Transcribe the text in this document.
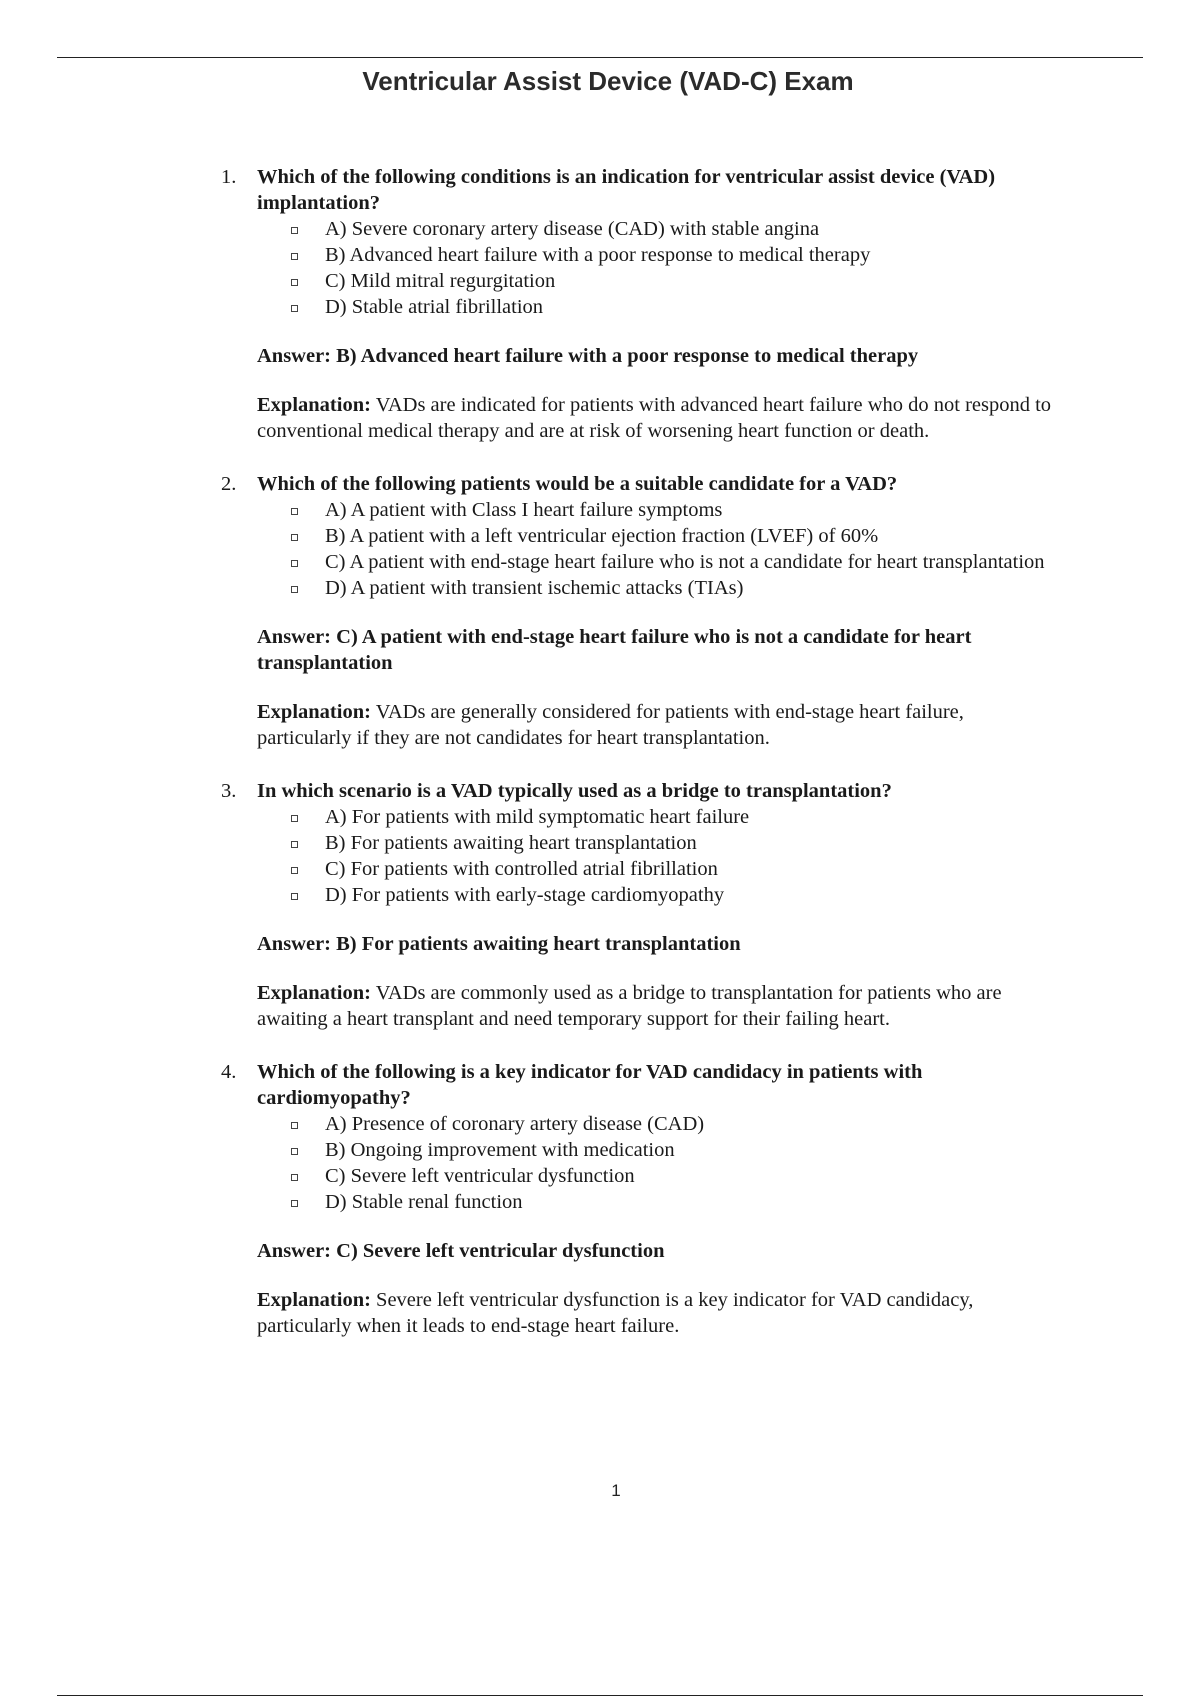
Ventricular Assist Device (VAD-C) Exam
1. Which of the following conditions is an indication for ventricular assist device (VAD) implantation?

A) Severe coronary artery disease (CAD) with stable angina
B) Advanced heart failure with a poor response to medical therapy
C) Mild mitral regurgitation
D) Stable atrial fibrillation

Answer: B) Advanced heart failure with a poor response to medical therapy

Explanation: VADs are indicated for patients with advanced heart failure who do not respond to conventional medical therapy and are at risk of worsening heart function or death.

2. Which of the following patients would be a suitable candidate for a VAD?

A) A patient with Class I heart failure symptoms
B) A patient with a left ventricular ejection fraction (LVEF) of 60%
C) A patient with end-stage heart failure who is not a candidate for heart transplantation
D) A patient with transient ischemic attacks (TIAs)

Answer: C) A patient with end-stage heart failure who is not a candidate for heart transplantation

Explanation: VADs are generally considered for patients with end-stage heart failure, particularly if they are not candidates for heart transplantation.

3. In which scenario is a VAD typically used as a bridge to transplantation?

A) For patients with mild symptomatic heart failure
B) For patients awaiting heart transplantation
C) For patients with controlled atrial fibrillation
D) For patients with early-stage cardiomyopathy

Answer: B) For patients awaiting heart transplantation

Explanation: VADs are commonly used as a bridge to transplantation for patients who are awaiting a heart transplant and need temporary support for their failing heart.

4. Which of the following is a key indicator for VAD candidacy in patients with cardiomyopathy?

A) Presence of coronary artery disease (CAD)
B) Ongoing improvement with medication
C) Severe left ventricular dysfunction
D) Stable renal function

Answer: C) Severe left ventricular dysfunction

Explanation: Severe left ventricular dysfunction is a key indicator for VAD candidacy, particularly when it leads to end-stage heart failure.

1
